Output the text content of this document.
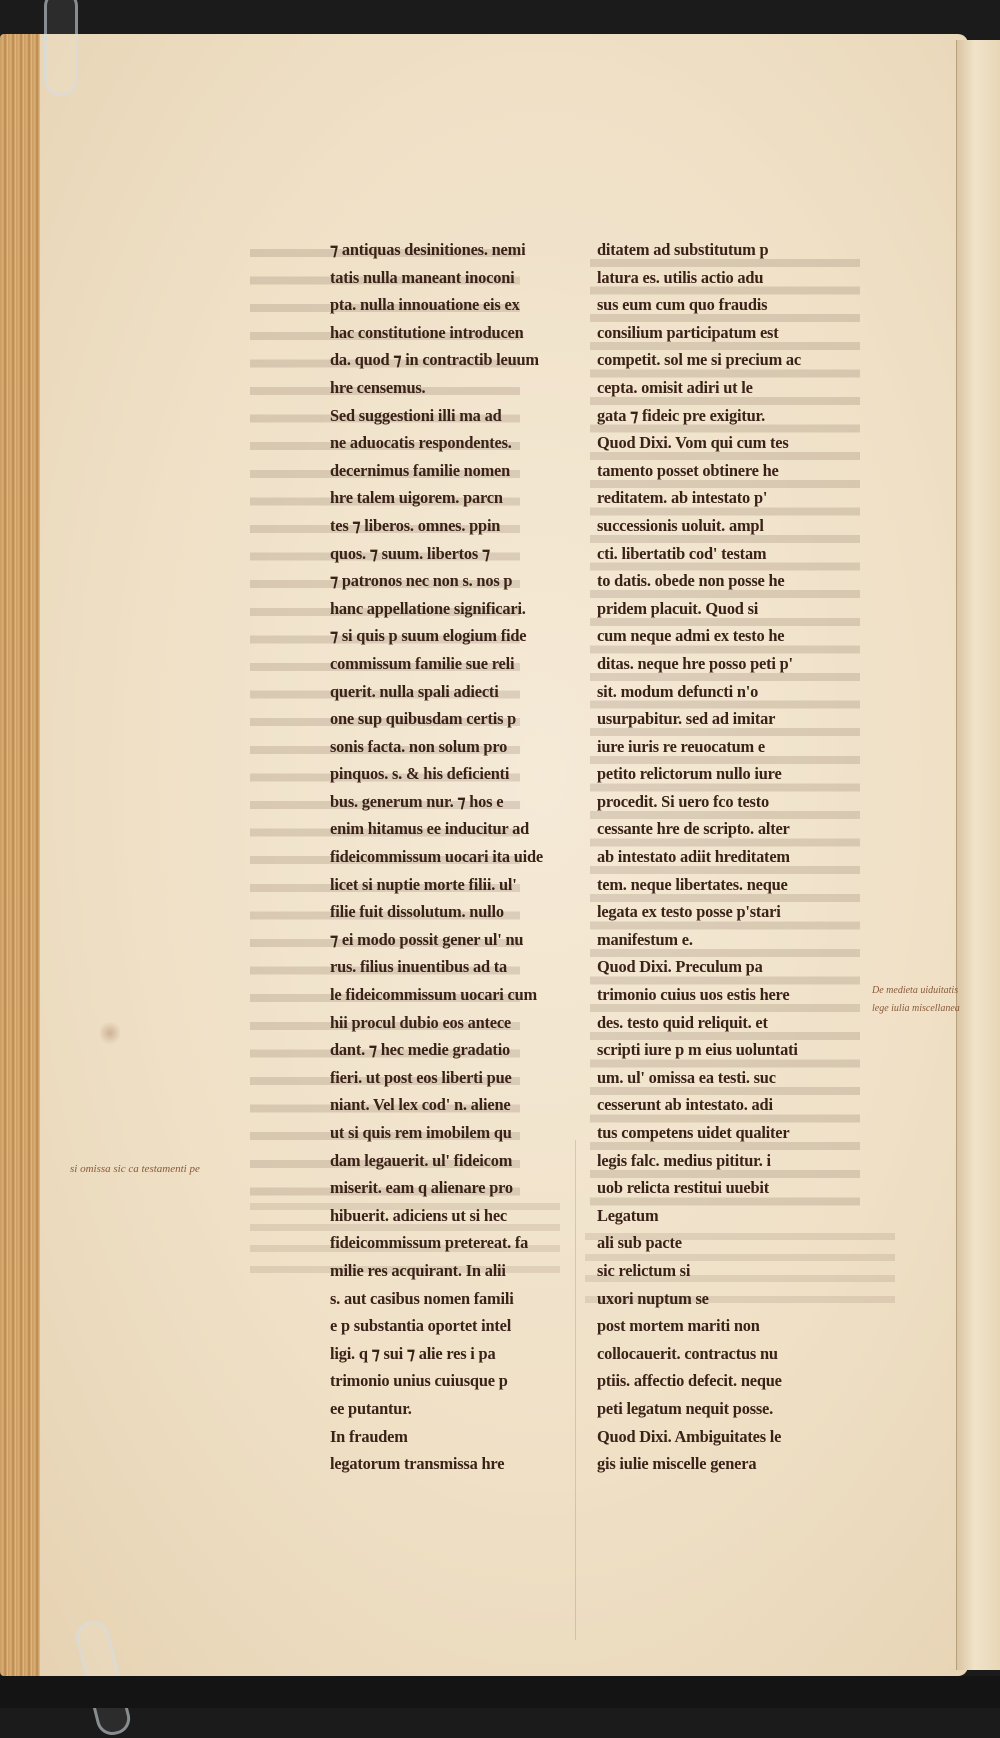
⁊ antiquas desinitiones. nemi
tatis nulla maneant inoconi
pta. nulla innouatione eis ex
hac constitutione introducen
da. quod ⁊ in contractib leuum
hre censemus.
Sed suggestioni illi ma ad
ne aduocatis respondentes.
decernimus familie nomen
hre talem uigorem. parcn
tes ⁊ liberos. omnes. ppin
quos. ⁊ suum. libertos ⁊
⁊ patronos nec non s. nos p
hanc appellatione significari.
⁊ si quis p suum elogium fide
commissum familie sue reli
querit. nulla spali adiecti
one sup quibusdam certis p
sonis facta. non solum pro
pinquos. s. & his deficienti
bus. generum nur. ⁊ hos e
enim hitamus ee inducitur ad
fideicommissum uocari ita uide
licet si nuptie morte filii. ul'
filie fuit dissolutum. nullo
⁊ ei modo possit gener ul' nu
rus. filius inuentibus ad ta
le fideicommissum uocari cum
hii procul dubio eos antece
dant. ⁊ hec medie gradatio
fieri. ut post eos liberti pue
niant. Vel lex cod' n. aliene
ut si quis rem imobilem qu
dam legauerit. ul' fideicom
miserit. eam q alienare pro
hibuerit. adiciens ut si hec
fideicommissum pretereat. fa
milie res acquirant. In alii
s. aut casibus nomen famili
e p substantia oportet intel
ligi. q ⁊ sui ⁊ alie res i pa
trimonio unius cuiusque p
ee putantur.
In fraudem
legatorum transmissa hre
ditatem ad substitutum p
latura es. utilis actio adu
sus eum cum quo fraudis
consilium participatum est
competit. sol me si precium ac
cepta. omisit adiri ut le
gata ⁊ fideic pre exigitur.
Quod Dixi. Vom qui cum tes
tamento posset obtinere he
reditatem. ab intestato p'
successionis uoluit. ampl
cti. libertatib cod' testam
to datis. obede non posse he
pridem placuit. Quod si
cum neque admi ex testo he
ditas. neque hre posso peti p'
sit. modum defuncti n'o
usurpabitur. sed ad imitar
iure iuris re reuocatum e
petito relictorum nullo iure
procedit. Si uero fco testo
cessante hre de scripto. alter
ab intestato adiit hreditatem
tem. neque libertates. neque
legata ex testo posse p'stari
manifestum e.
Quod Dixi. Preculum pa
trimonio cuius uos estis here
des. testo quid reliquit. et
scripti iure p m eius uoluntati
um. ul' omissa ea testi. suc
cesserunt ab intestato. adi
tus competens uidet qualiter
legis falc. medius pititur. i
uob relicta restitui uuebit
Legatum
ali sub pacte
sic relictum si
uxori nuptum se
post mortem mariti non
collocauerit. contractus nu
ptiis. affectio defecit. neque
peti legatum nequit posse.
Quod Dixi. Ambiguitates le
gis iulie miscelle genera
si omissa sic ca testamenti pe
De medieta uiduitatis
lege iulia miscellanea
